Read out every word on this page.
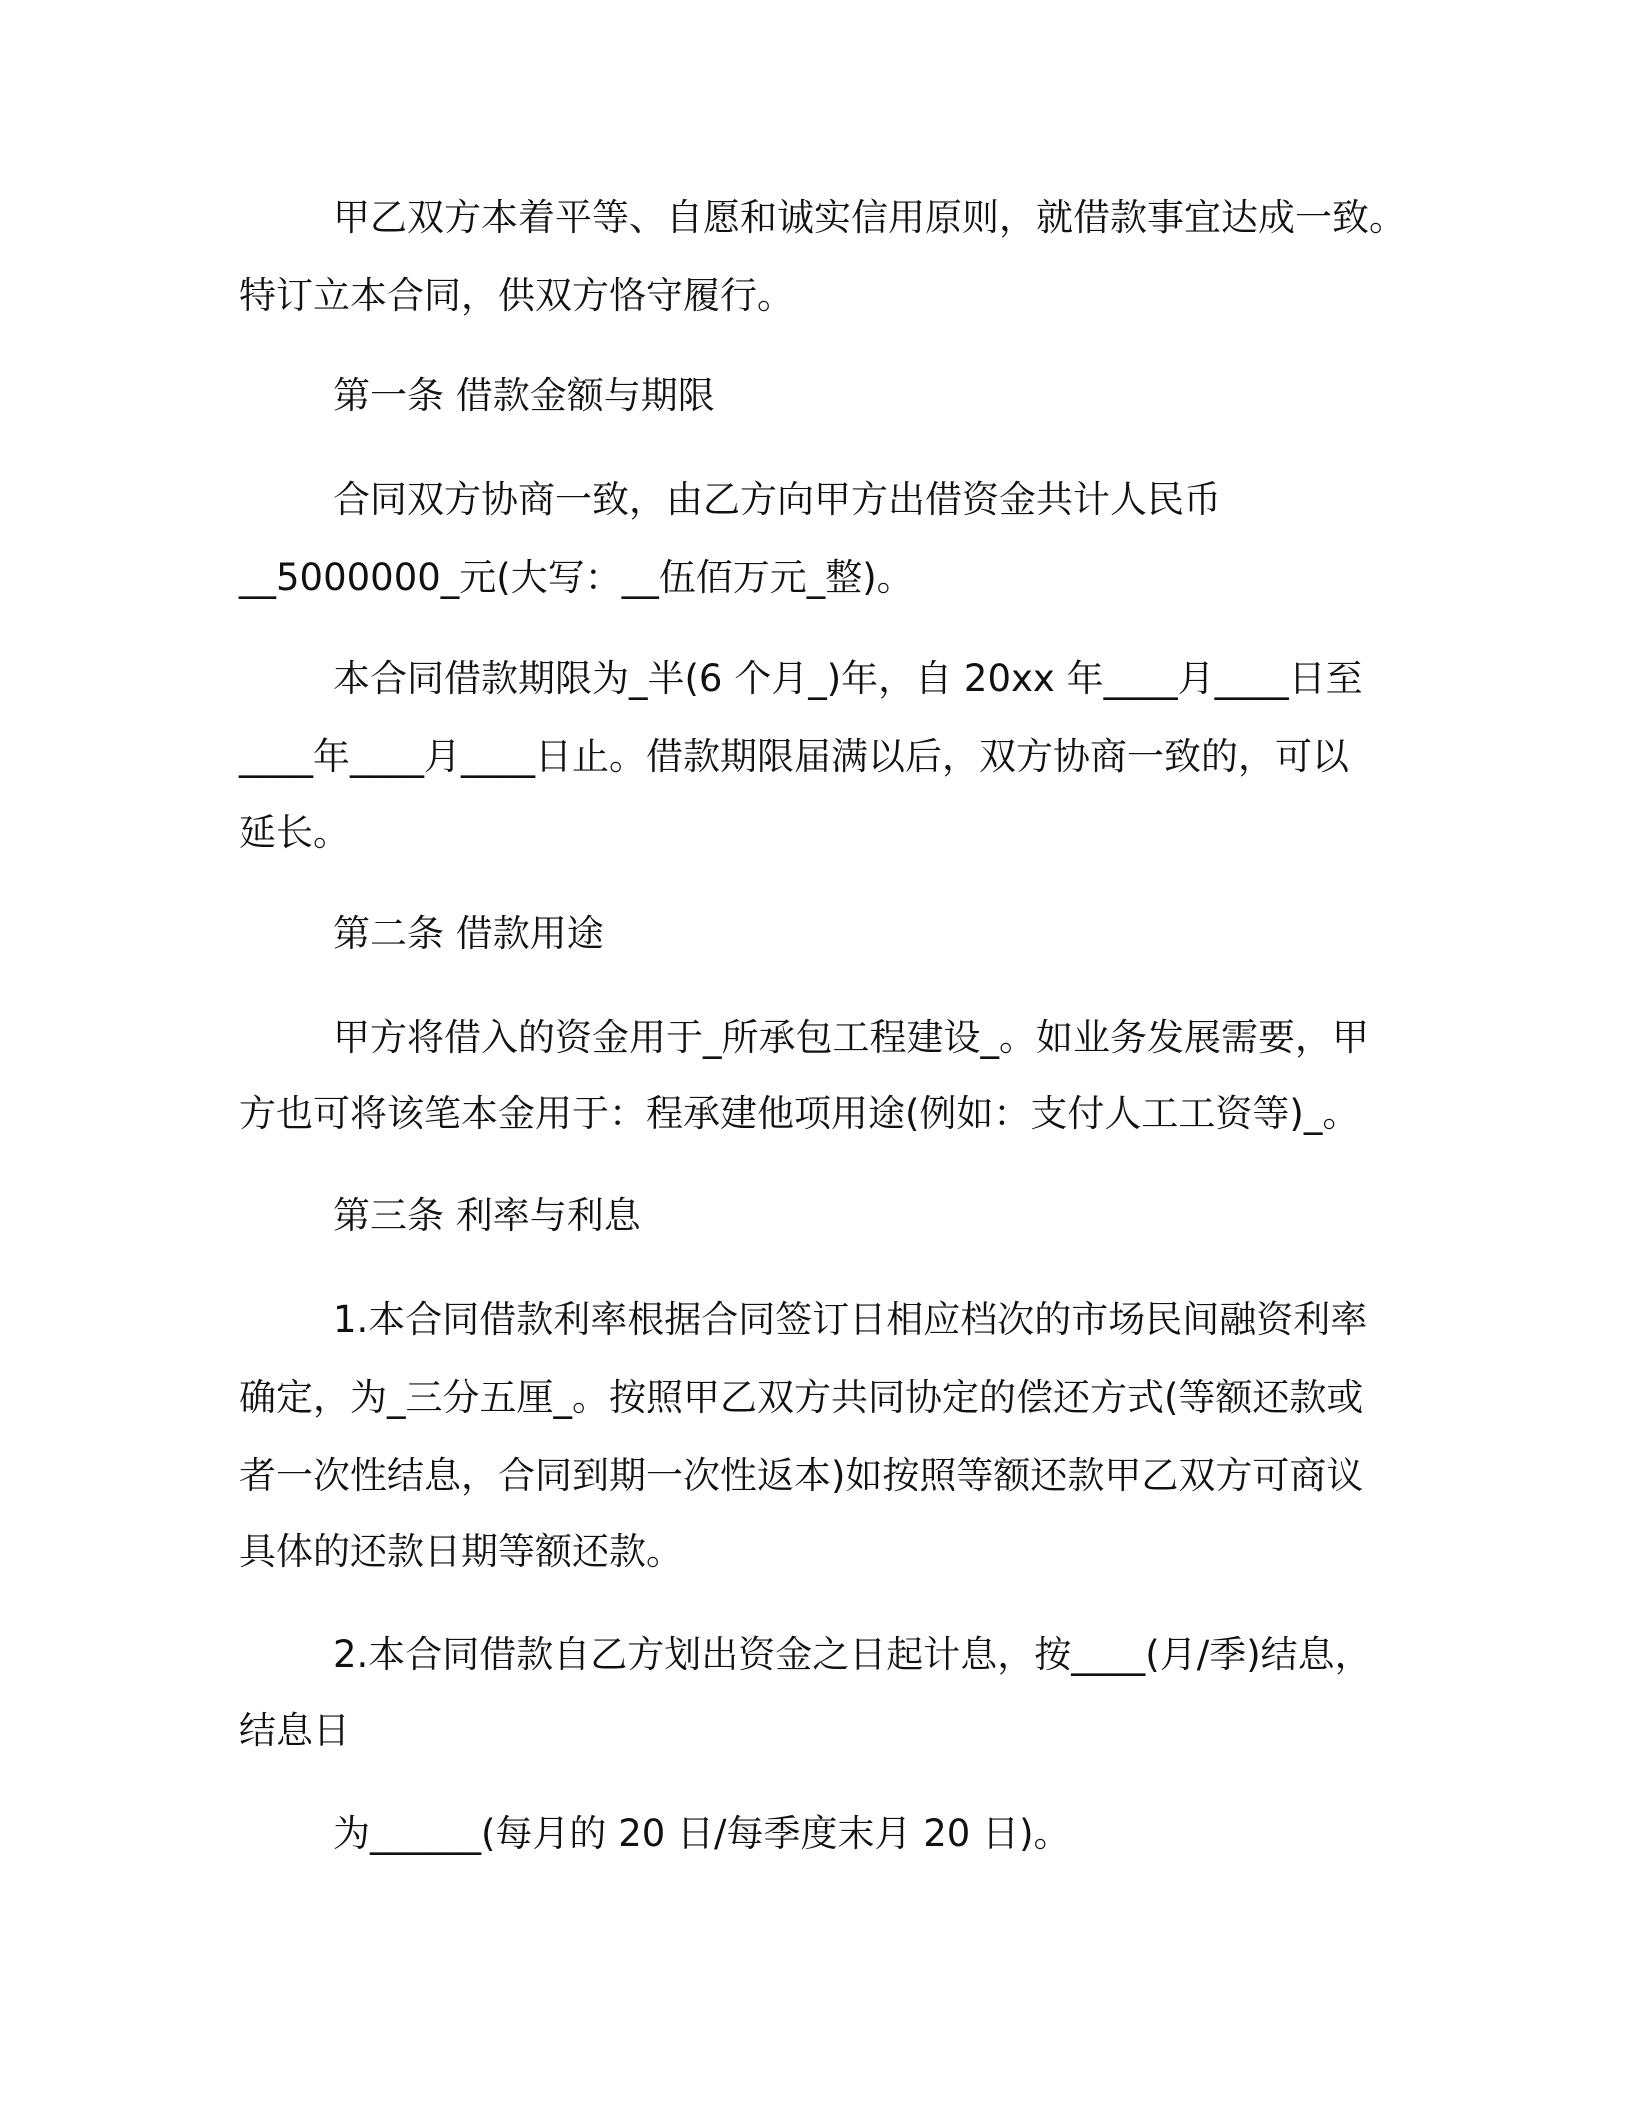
甲乙双方本着平等、自愿和诚实信用原则，就借款事宜达成一致。

特订立本合同，供双方恪守履行。

第一条 借款金额与期限

合同双方协商一致，由乙方向甲方出借资金共计人民币

__5000000_元(大写：__伍佰万元_整)。

本合同借款期限为_半(6 个月_)年，自 20xx 年____月____日至

____年____月____日止。借款期限届满以后，双方协商一致的，可以

延长。

第二条 借款用途

甲方将借入的资金用于_所承包工程建设_。如业务发展需要，甲

方也可将该笔本金用于：程承建他项用途(例如：支付人工工资等)_。

第三条 利率与利息

1.本合同借款利率根据合同签订日相应档次的市场民间融资利率

确定，为_三分五厘_。按照甲乙双方共同协定的偿还方式(等额还款或

者一次性结息，合同到期一次性返本)如按照等额还款甲乙双方可商议

具体的还款日期等额还款。

2.本合同借款自乙方划出资金之日起计息，按____(月/季)结息，

结息日

为______(每月的 20 日/每季度末月 20 日)。
